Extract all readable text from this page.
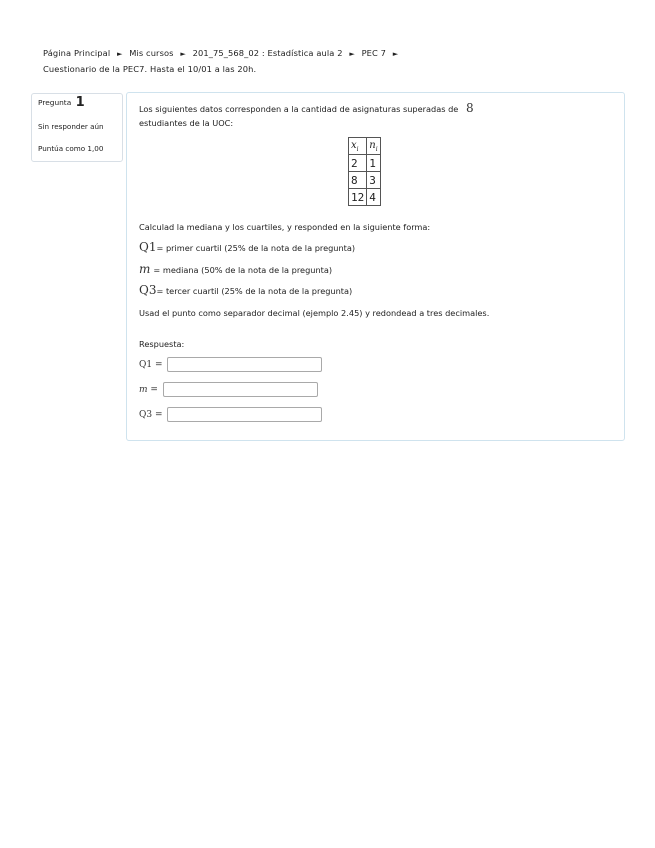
Página Principal ► Mis cursos ► 201_75_568_02 : Estadística aula 2 ► PEC 7 ►
Cuestionario de la PEC7. Hasta el 10/01 a las 20h.
Pregunta 1
Sin responder aún
Puntúa como 1,00
Los siguientes datos corresponden a la cantidad de asignaturas superadas de 8
estudiantes de la UOC:
$x_i$	$n_i$
2	1
8	3
12	4
Calculad la mediana y los cuartiles, y responded en la siguiente forma:
Q1= primer cuartil (25% de la nota de la pregunta)
m = mediana (50% de la nota de la pregunta)
Q3= tercer cuartil (25% de la nota de la pregunta)
Usad el punto como separador decimal (ejemplo 2.45) y redondead a tres decimales.
Respuesta:
Q1 =
m =
Q3 =
